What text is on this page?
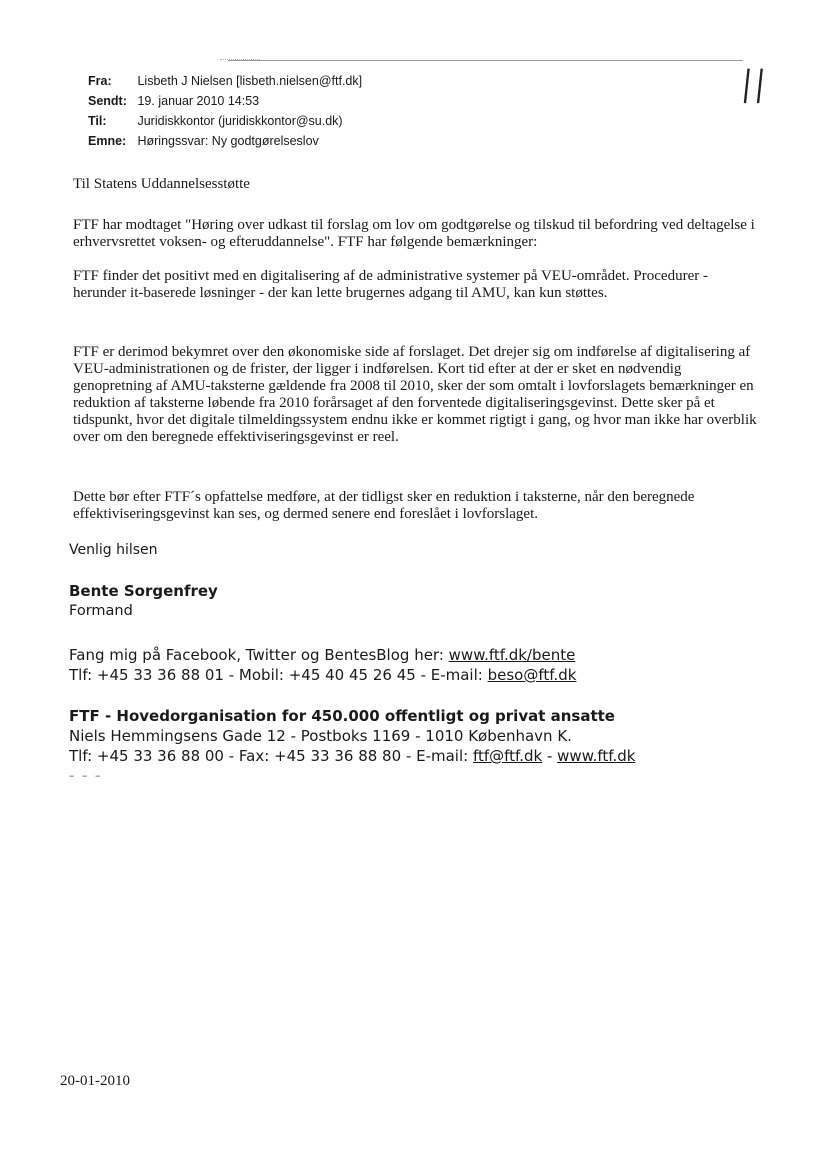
||
Fra: Lisbeth J Nielsen [lisbeth.nielsen@ftf.dk]
Sendt: 19. januar 2010 14:53
Til: Juridiskkontor (juridiskkontor@su.dk)
Emne: Høringssvar: Ny godtgørelseslov

Til Statens Uddannelsesstøtte

FTF har modtaget "Høring over udkast til forslag om lov om godtgørelse og tilskud til befordring ved deltagelse i erhvervsrettet voksen- og efteruddannelse". FTF har følgende bemærkninger:

FTF finder det positivt med en digitalisering af de administrative systemer på VEU-området. Procedurer - herunder it-baserede løsninger - der kan lette brugernes adgang til AMU, kan kun støttes.

FTF er derimod bekymret over den økonomiske side af forslaget. Det drejer sig om indførelse af digitalisering af VEU-administrationen og de frister, der ligger i indførelsen. Kort tid efter at der er sket en nødvendig genopretning af AMU-taksterne gældende fra 2008 til 2010, sker der som omtalt i lovforslagets bemærkninger en reduktion af taksterne løbende fra 2010 forårsaget af den forventede digitaliseringsgevinst. Dette sker på et tidspunkt, hvor det digitale tilmeldingssystem endnu ikke er kommet rigtigt i gang, og hvor man ikke har overblik over om den beregnede effektiviseringsgevinst er reel.

Dette bør efter FTF´s opfattelse medføre, at der tidligst sker en reduktion i taksterne, når den beregnede effektiviseringsgevinst kan ses, og dermed senere end foreslået i lovforslaget.

Venlig hilsen
Bente Sorgenfrey
Formand
Fang mig på Facebook, Twitter og BentesBlog her: www.ftf.dk/bente
Tlf: +45 33 36 88 01 - Mobil: +45 40 45 26 45 - E-mail: beso@ftf.dk
FTF - Hovedorganisation for 450.000 offentligt og privat ansatte
Niels Hemmingsens Gade 12 - Postboks 1169 - 1010 København K.
Tlf: +45 33 36 88 00 - Fax: +45 33 36 88 80 - E-mail: ftf@ftf.dk - www.ftf.dk
– – –
20-01-2010
